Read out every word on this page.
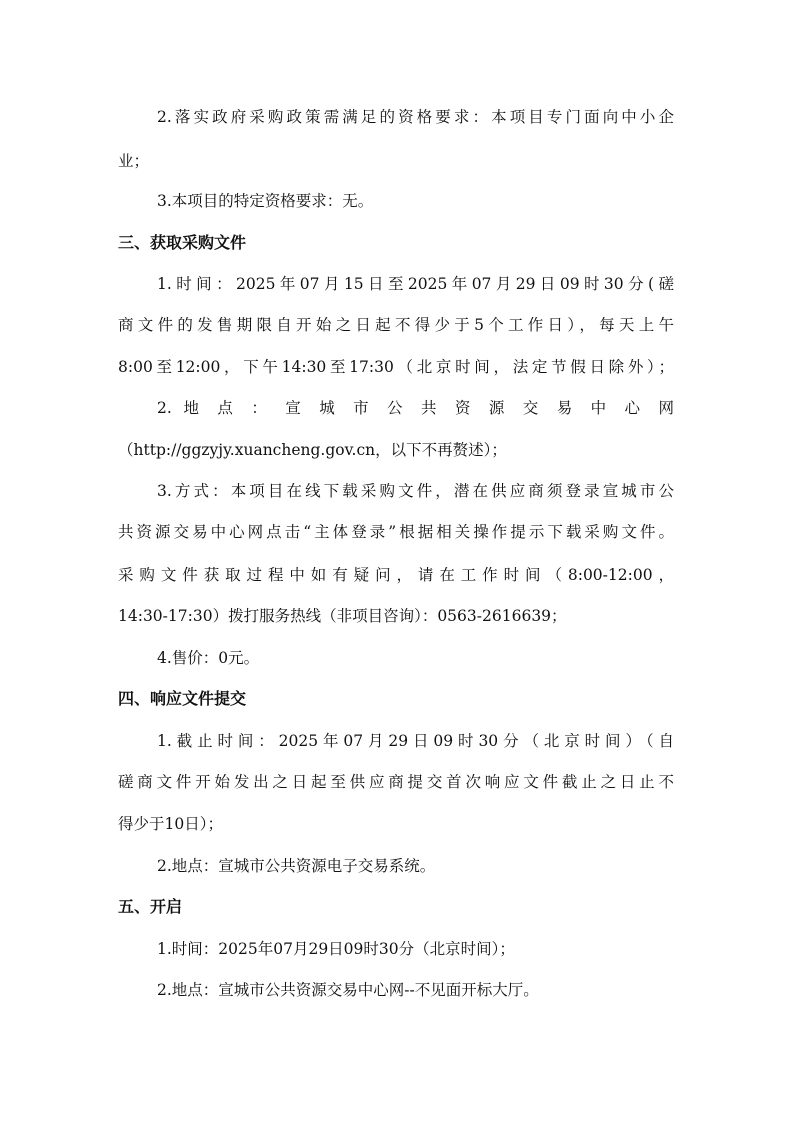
2.落实政府采购政策需满足的资格要求：本项目专门面向中小企
业；
3.本项目的特定资格要求：无。
三、获取采购文件
1.时间：2025年07月15日至2025年07月29日09时30分(磋
商文件的发售期限自开始之日起不得少于5个工作日），每天上午
8:00至12:00，下午14:30至17:30（北京时间，法定节假日除外）；
2. 地 点 ： 宣 城 市 公 共 资 源 交 易 中 心 网
（http://ggzyjy.xuancheng.gov.cn，以下不再赘述）；
3.方式：本项目在线下载采购文件，潜在供应商须登录宣城市公
共资源交易中心网点击“主体登录”根据相关操作提示下载采购文件。
采购文件获取过程中如有疑问，请在工作时间（8:00-12:00，
14:30-17:30）拨打服务热线（非项目咨询）：0563-2616639；
4.售价：0元。
四、响应文件提交
1.截止时间：2025年07月29日09时30分（北京时间）（自
磋商文件开始发出之日起至供应商提交首次响应文件截止之日止不
得少于10日）；
2.地点：宣城市公共资源电子交易系统。
五、开启
1.时间：2025年07月29日09时30分（北京时间）；
2.地点：宣城市公共资源交易中心网--不见面开标大厅。
